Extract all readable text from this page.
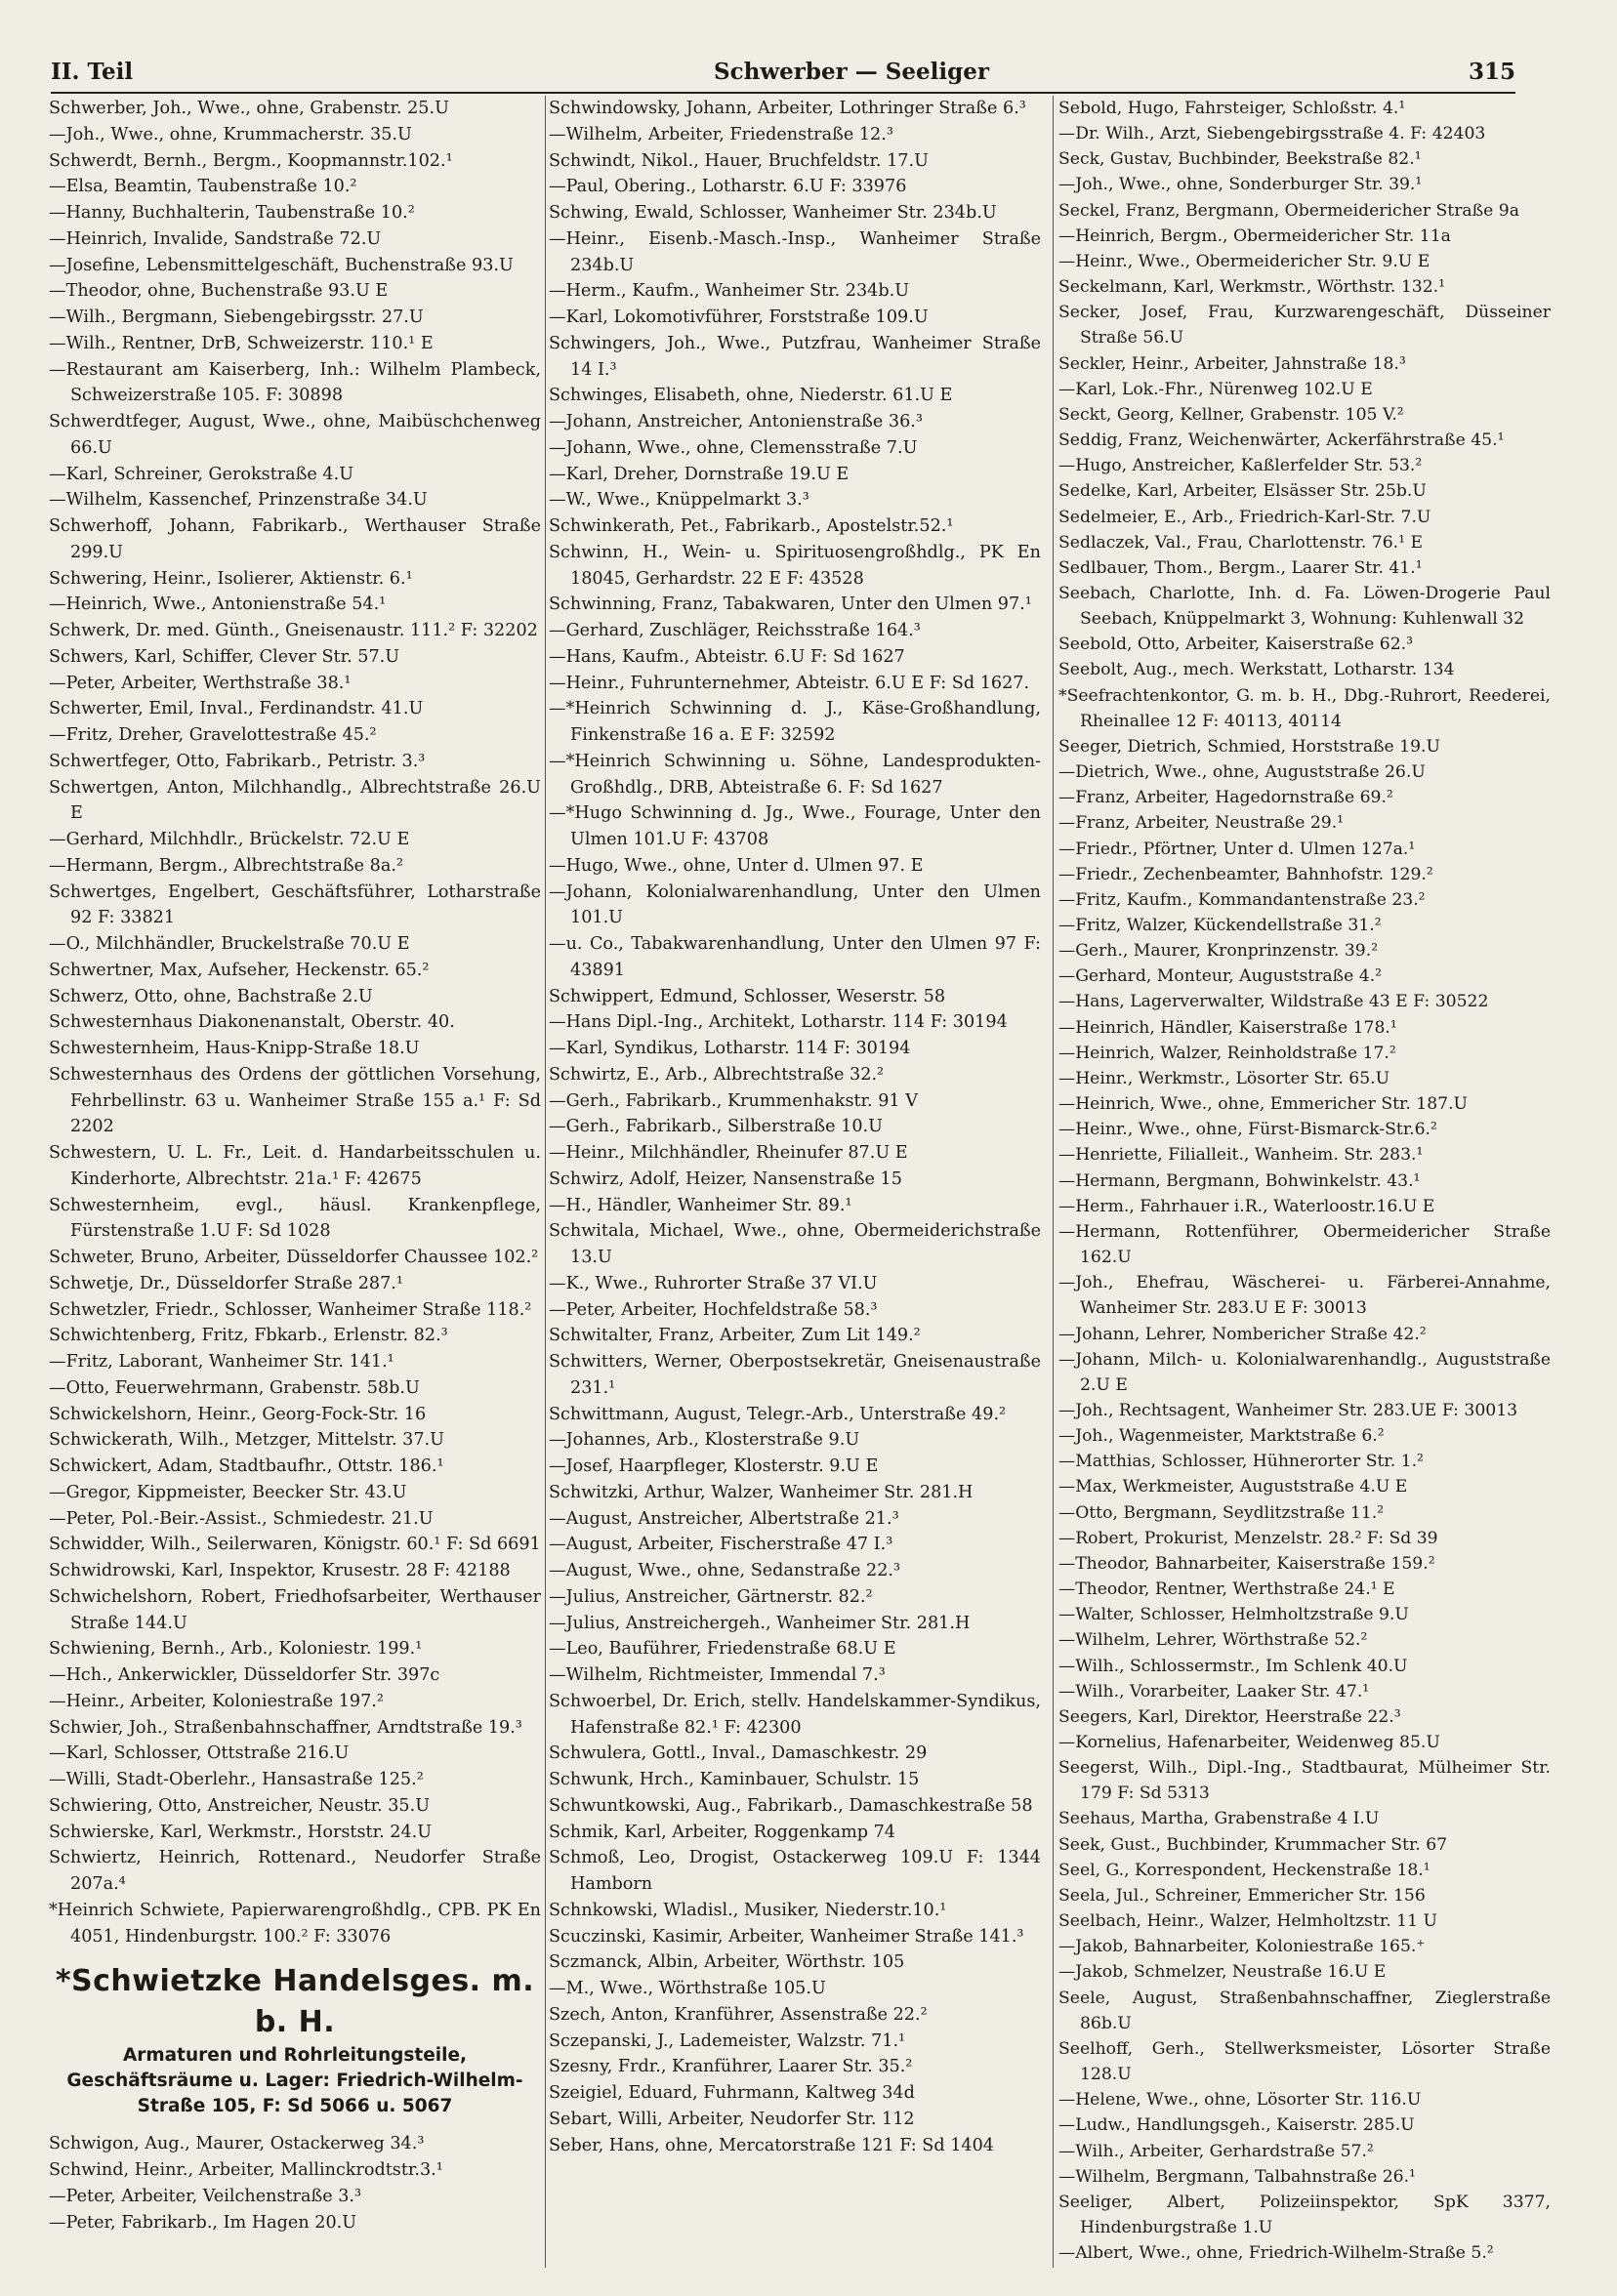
II. Teil	Schwerber — Seeliger	315

Schwerber, Joh., Wwe., ohne, Grabenstr. 25.U

—Joh., Wwe., ohne, Krummacherstr. 35.U

Schwerdt, Bernh., Bergm., Koopmannstr.102.¹

—Elsa, Beamtin, Taubenstraße 10.²

—Hanny, Buchhalterin, Taubenstraße 10.²

—Heinrich, Invalide, Sandstraße 72.U

—Josefine, Lebensmittelgeschäft, Buchenstraße 93.U

—Theodor, ohne, Buchenstraße 93.U E

—Wilh., Bergmann, Siebengebirgsstr. 27.U

—Wilh., Rentner, DrB, Schweizerstr. 110.¹ E

—Restaurant am Kaiserberg, Inh.: Wilhelm Plambeck, Schweizerstraße 105. F: 30898

Schwerdtfeger, August, Wwe., ohne, Maibüschchenweg 66.U

—Karl, Schreiner, Gerokstraße 4.U

—Wilhelm, Kassenchef, Prinzenstraße 34.U

Schwerhoff, Johann, Fabrikarb., Werthauser Straße 299.U

Schwering, Heinr., Isolierer, Aktienstr. 6.¹

—Heinrich, Wwe., Antonienstraße 54.¹

Schwerk, Dr. med. Günth., Gneisenaustr. 111.² F: 32202

Schwers, Karl, Schiffer, Clever Str. 57.U

—Peter, Arbeiter, Werthstraße 38.¹

Schwerter, Emil, Inval., Ferdinandstr. 41.U

—Fritz, Dreher, Gravelottestraße 45.²

Schwertfeger, Otto, Fabrikarb., Petristr. 3.³

Schwertgen, Anton, Milchhandlg., Albrechtstraße 26.U E

—Gerhard, Milchhdlr., Brückelstr. 72.U E

—Hermann, Bergm., Albrechtstraße 8a.²

Schwertges, Engelbert, Geschäftsführer, Lotharstraße 92 F: 33821

—O., Milchhändler, Bruckelstraße 70.U E

Schwertner, Max, Aufseher, Heckenstr. 65.²

Schwerz, Otto, ohne, Bachstraße 2.U

Schwesternhaus Diakonenanstalt, Oberstr. 40.

Schwesternheim, Haus-Knipp-Straße 18.U

Schwesternhaus des Ordens der göttlichen Vorsehung, Fehrbellinstr. 63 u. Wanheimer Straße 155 a.¹ F: Sd 2202

Schwestern, U. L. Fr., Leit. d. Handarbeitsschulen u. Kinderhorte, Albrechtstr. 21a.¹ F: 42675

Schwesternheim, evgl., häusl. Krankenpflege, Fürstenstraße 1.U F: Sd 1028

Schweter, Bruno, Arbeiter, Düsseldorfer Chaussee 102.²

Schwetje, Dr., Düsseldorfer Straße 287.¹

Schwetzler, Friedr., Schlosser, Wanheimer Straße 118.²

Schwichtenberg, Fritz, Fbkarb., Erlenstr. 82.³

—Fritz, Laborant, Wanheimer Str. 141.¹

—Otto, Feuerwehrmann, Grabenstr. 58b.U

Schwickelshorn, Heinr., Georg-Fock-Str. 16

Schwickerath, Wilh., Metzger, Mittelstr. 37.U

Schwickert, Adam, Stadtbaufhr., Ottstr. 186.¹

—Gregor, Kippmeister, Beecker Str. 43.U

—Peter, Pol.-Beir.-Assist., Schmiedestr. 21.U

Schwidder, Wilh., Seilerwaren, Königstr. 60.¹ F: Sd 6691

Schwidrowski, Karl, Inspektor, Krusestr. 28 F: 42188

Schwichelshorn, Robert, Friedhofsarbeiter, Werthauser Straße 144.U

Schwiening, Bernh., Arb., Koloniestr. 199.¹

—Hch., Ankerwickler, Düsseldorfer Str. 397c

—Heinr., Arbeiter, Koloniestraße 197.²

Schwier, Joh., Straßenbahnschaffner, Arndtstraße 19.³

—Karl, Schlosser, Ottstraße 216.U

—Willi, Stadt-Oberlehr., Hansastraße 125.²

Schwiering, Otto, Anstreicher, Neustr. 35.U

Schwierske, Karl, Werkmstr., Horststr. 24.U

Schwiertz, Heinrich, Rottenard., Neudorfer Straße 207a.⁴

*Heinrich Schwiete, Papierwarengroßhdlg., CPB. PK En 4051, Hindenburgstr. 100.² F: 33076

*Schwietzke Handelsges. m. b. H.
Armaturen und Rohrleitungsteile, Geschäftsräume u. Lager: Friedrich-Wilhelm-Straße 105, F: Sd 5066 u. 5067

Schwigon, Aug., Maurer, Ostackerweg 34.³

Schwind, Heinr., Arbeiter, Mallinckrodtstr.3.¹

—Peter, Arbeiter, Veilchenstraße 3.³

—Peter, Fabrikarb., Im Hagen 20.U

Schwindowsky, Johann, Arbeiter, Lothringer Straße 6.³

—Wilhelm, Arbeiter, Friedenstraße 12.³

Schwindt, Nikol., Hauer, Bruchfeldstr. 17.U

—Paul, Obering., Lotharstr. 6.U F: 33976

Schwing, Ewald, Schlosser, Wanheimer Str. 234b.U

—Heinr., Eisenb.-Masch.-Insp., Wanheimer Straße 234b.U

—Herm., Kaufm., Wanheimer Str. 234b.U

—Karl, Lokomotivführer, Forststraße 109.U

Schwingers, Joh., Wwe., Putzfrau, Wanheimer Straße 14 I.³

Schwinges, Elisabeth, ohne, Niederstr. 61.U E

—Johann, Anstreicher, Antonienstraße 36.³

—Johann, Wwe., ohne, Clemensstraße 7.U

—Karl, Dreher, Dornstraße 19.U E

—W., Wwe., Knüppelmarkt 3.³

Schwinkerath, Pet., Fabrikarb., Apostelstr.52.¹

Schwinn, H., Wein- u. Spirituosengroßhdlg., PK En 18045, Gerhardstr. 22 E F: 43528

Schwinning, Franz, Tabakwaren, Unter den Ulmen 97.¹

—Gerhard, Zuschläger, Reichsstraße 164.³

—Hans, Kaufm., Abteistr. 6.U F: Sd 1627

—Heinr., Fuhrunternehmer, Abteistr. 6.U E F: Sd 1627.

—*Heinrich Schwinning d. J., Käse-Großhandlung, Finkenstraße 16 a. E F: 32592

—*Heinrich Schwinning u. Söhne, Landesprodukten-Großhdlg., DRB, Abteistraße 6. F: Sd 1627

—*Hugo Schwinning d. Jg., Wwe., Fourage, Unter den Ulmen 101.U F: 43708

—Hugo, Wwe., ohne, Unter d. Ulmen 97. E

—Johann, Kolonialwarenhandlung, Unter den Ulmen 101.U

—u. Co., Tabakwarenhandlung, Unter den Ulmen 97 F: 43891

Schwippert, Edmund, Schlosser, Weserstr. 58

—Hans Dipl.-Ing., Architekt, Lotharstr. 114 F: 30194

—Karl, Syndikus, Lotharstr. 114 F: 30194

Schwirtz, E., Arb., Albrechtstraße 32.²

—Gerh., Fabrikarb., Krummenhakstr. 91 V

—Gerh., Fabrikarb., Silberstraße 10.U

—Heinr., Milchhändler, Rheinufer 87.U E

Schwirz, Adolf, Heizer, Nansenstraße 15

—H., Händler, Wanheimer Str. 89.¹

Schwitala, Michael, Wwe., ohne, Obermeiderichstraße 13.U

—K., Wwe., Ruhrorter Straße 37 VI.U

—Peter, Arbeiter, Hochfeldstraße 58.³

Schwitalter, Franz, Arbeiter, Zum Lit 149.²

Schwitters, Werner, Oberpostsekretär, Gneisenaustraße 231.¹

Schwittmann, August, Telegr.-Arb., Unterstraße 49.²

—Johannes, Arb., Klosterstraße 9.U

—Josef, Haarpfleger, Klosterstr. 9.U E

Schwitzki, Arthur, Walzer, Wanheimer Str. 281.H

—August, Anstreicher, Albertstraße 21.³

—August, Arbeiter, Fischerstraße 47 I.³

—August, Wwe., ohne, Sedanstraße 22.³

—Julius, Anstreicher, Gärtnerstr. 82.²

—Julius, Anstreichergeh., Wanheimer Str. 281.H

—Leo, Bauführer, Friedenstraße 68.U E

—Wilhelm, Richtmeister, Immendal 7.³

Schwoerbel, Dr. Erich, stellv. Handelskammer-Syndikus, Hafenstraße 82.¹ F: 42300

Schwulera, Gottl., Inval., Damaschkestr. 29

Schwunk, Hrch., Kaminbauer, Schulstr. 15

Schwuntkowski, Aug., Fabrikarb., Damaschkestraße 58

Schmik, Karl, Arbeiter, Roggenkamp 74

Schmoß, Leo, Drogist, Ostackerweg 109.U F: 1344 Hamborn

Schnkowski, Wladisl., Musiker, Niederstr.10.¹

Scuczinski, Kasimir, Arbeiter, Wanheimer Straße 141.³

Sczmanck, Albin, Arbeiter, Wörthstr. 105

—M., Wwe., Wörthstraße 105.U

Szech, Anton, Kranführer, Assenstraße 22.²

Sczepanski, J., Lademeister, Walzstr. 71.¹

Szesny, Frdr., Kranführer, Laarer Str. 35.²

Szeigiel, Eduard, Fuhrmann, Kaltweg 34d

Sebart, Willi, Arbeiter, Neudorfer Str. 112

Seber, Hans, ohne, Mercatorstraße 121 F: Sd 1404

Sebold, Hugo, Fahrsteiger, Schloßstr. 4.¹

—Dr. Wilh., Arzt, Siebengebirgsstraße 4. F: 42403

Seck, Gustav, Buchbinder, Beekstraße 82.¹

—Joh., Wwe., ohne, Sonderburger Str. 39.¹

Seckel, Franz, Bergmann, Obermeidericher Straße 9a

—Heinrich, Bergm., Obermeidericher Str. 11a

—Heinr., Wwe., Obermeidericher Str. 9.U E

Seckelmann, Karl, Werkmstr., Wörthstr. 132.¹

Secker, Josef, Frau, Kurzwarengeschäft, Düsseiner Straße 56.U

Seckler, Heinr., Arbeiter, Jahnstraße 18.³

—Karl, Lok.-Fhr., Nürenweg 102.U E

Seckt, Georg, Kellner, Grabenstr. 105 V.²

Seddig, Franz, Weichenwärter, Ackerfährstraße 45.¹

—Hugo, Anstreicher, Kaßlerfelder Str. 53.²

Sedelke, Karl, Arbeiter, Elsässer Str. 25b.U

Sedelmeier, E., Arb., Friedrich-Karl-Str. 7.U

Sedlaczek, Val., Frau, Charlottenstr. 76.¹ E

Sedlbauer, Thom., Bergm., Laarer Str. 41.¹

Seebach, Charlotte, Inh. d. Fa. Löwen-Drogerie Paul Seebach, Knüppelmarkt 3, Wohnung: Kuhlenwall 32

Seebold, Otto, Arbeiter, Kaiserstraße 62.³

Seebolt, Aug., mech. Werkstatt, Lotharstr. 134

*Seefrachtenkontor, G. m. b. H., Dbg.-Ruhrort, Reederei, Rheinallee 12 F: 40113, 40114

Seeger, Dietrich, Schmied, Horststraße 19.U

—Dietrich, Wwe., ohne, Auguststraße 26.U

—Franz, Arbeiter, Hagedornstraße 69.²

—Franz, Arbeiter, Neustraße 29.¹

—Friedr., Pförtner, Unter d. Ulmen 127a.¹

—Friedr., Zechenbeamter, Bahnhofstr. 129.²

—Fritz, Kaufm., Kommandantenstraße 23.²

—Fritz, Walzer, Kückendellstraße 31.²

—Gerh., Maurer, Kronprinzenstr. 39.²

—Gerhard, Monteur, Auguststraße 4.²

—Hans, Lagerverwalter, Wildstraße 43 E F: 30522

—Heinrich, Händler, Kaiserstraße 178.¹

—Heinrich, Walzer, Reinholdstraße 17.²

—Heinr., Werkmstr., Lösorter Str. 65.U

—Heinrich, Wwe., ohne, Emmericher Str. 187.U

—Heinr., Wwe., ohne, Fürst-Bismarck-Str.6.²

—Henriette, Filialleit., Wanheim. Str. 283.¹

—Hermann, Bergmann, Bohwinkelstr. 43.¹

—Herm., Fahrhauer i.R., Waterloostr.16.U E

—Hermann, Rottenführer, Obermeidericher Straße 162.U

—Joh., Ehefrau, Wäscherei- u. Färberei-Annahme, Wanheimer Str. 283.U E F: 30013

—Johann, Lehrer, Nombericher Straße 42.²

—Johann, Milch- u. Kolonialwarenhandlg., Auguststraße 2.U E

—Joh., Rechtsagent, Wanheimer Str. 283.UE F: 30013

—Joh., Wagenmeister, Marktstraße 6.²

—Matthias, Schlosser, Hühnerorter Str. 1.²

—Max, Werkmeister, Auguststraße 4.U E

—Otto, Bergmann, Seydlitzstraße 11.²

—Robert, Prokurist, Menzelstr. 28.² F: Sd 39

—Theodor, Bahnarbeiter, Kaiserstraße 159.²

—Theodor, Rentner, Werthstraße 24.¹ E

—Walter, Schlosser, Helmholtzstraße 9.U

—Wilhelm, Lehrer, Wörthstraße 52.²

—Wilh., Schlossermstr., Im Schlenk 40.U

—Wilh., Vorarbeiter, Laaker Str. 47.¹

Seegers, Karl, Direktor, Heerstraße 22.³

—Kornelius, Hafenarbeiter, Weidenweg 85.U

Seegerst, Wilh., Dipl.-Ing., Stadtbaurat, Mülheimer Str. 179 F: Sd 5313

Seehaus, Martha, Grabenstraße 4 I.U

Seek, Gust., Buchbinder, Krummacher Str. 67

Seel, G., Korrespondent, Heckenstraße 18.¹

Seela, Jul., Schreiner, Emmericher Str. 156

Seelbach, Heinr., Walzer, Helmholtzstr. 11 U

—Jakob, Bahnarbeiter, Koloniestraße 165.⁺

—Jakob, Schmelzer, Neustraße 16.U E

Seele, August, Straßenbahnschaffner, Zieglerstraße 86b.U

Seelhoff, Gerh., Stellwerksmeister, Lösorter Straße 128.U

—Helene, Wwe., ohne, Lösorter Str. 116.U

—Ludw., Handlungsgeh., Kaiserstr. 285.U

—Wilh., Arbeiter, Gerhardstraße 57.²

—Wilhelm, Bergmann, Talbahnstraße 26.¹

Seeliger, Albert, Polizeiinspektor, SpK 3377, Hindenburgstraße 1.U

—Albert, Wwe., ohne, Friedrich-Wilhelm-Straße 5.²
